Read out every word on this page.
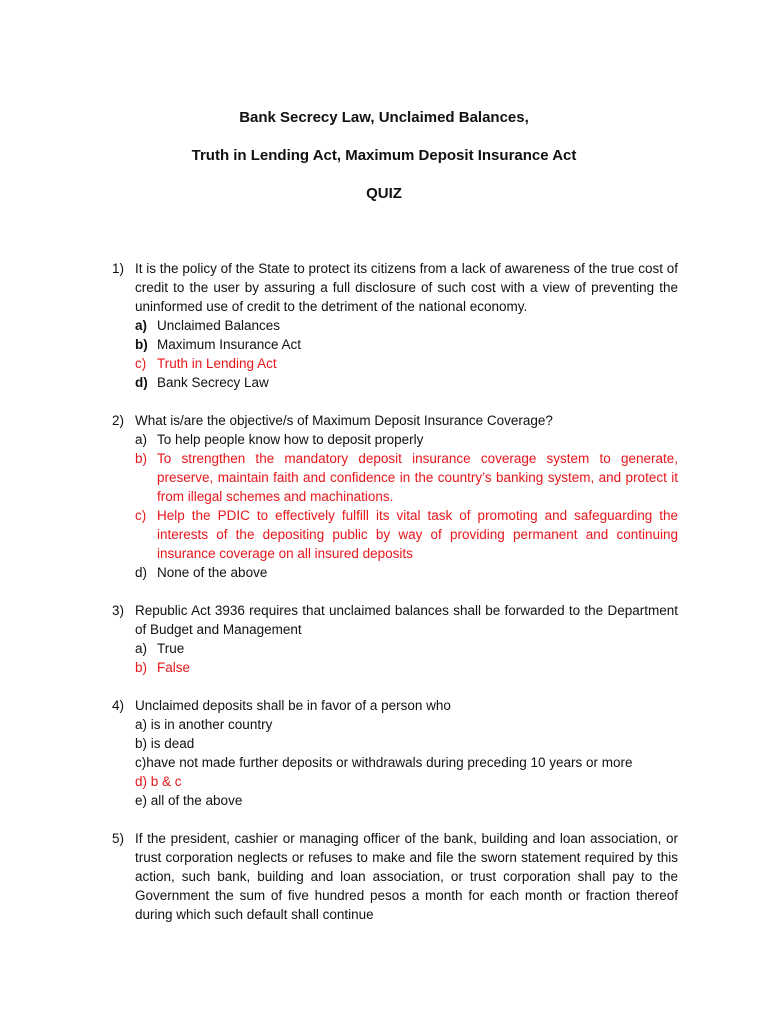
Bank Secrecy Law, Unclaimed Balances,

Truth in Lending Act, Maximum Deposit Insurance Act

QUIZ

1) It is the policy of the State to protect its citizens from a lack of awareness of the true cost of credit to the user by assuring a full disclosure of such cost with a view of preventing the uninformed use of credit to the detriment of the national economy.
a) Unclaimed Balances
b) Maximum Insurance Act
c) Truth in Lending Act
d) Bank Secrecy Law
2) What is/are the objective/s of Maximum Deposit Insurance Coverage?
a) To help people know how to deposit properly
b) To strengthen the mandatory deposit insurance coverage system to generate, preserve, maintain faith and confidence in the country’s banking system, and protect it from illegal schemes and machinations.
c) Help the PDIC to effectively fulfill its vital task of promoting and safeguarding the interests of the depositing public by way of providing permanent and continuing insurance coverage on all insured deposits
d) None of the above
3) Republic Act 3936 requires that unclaimed balances shall be forwarded to the Department of Budget and Management
a) True
b) False
4) Unclaimed deposits shall be in favor of a person who
a) is in another country
b) is dead
c)have not made further deposits or withdrawals during preceding 10 years or more
d) b & c
e) all of the above
5) If the president, cashier or managing officer of the bank, building and loan association, or trust corporation neglects or refuses to make and file the sworn statement required by this action, such bank, building and loan association, or trust corporation shall pay to the Government the sum of five hundred pesos a month for each month or fraction thereof during which such default shall continue
